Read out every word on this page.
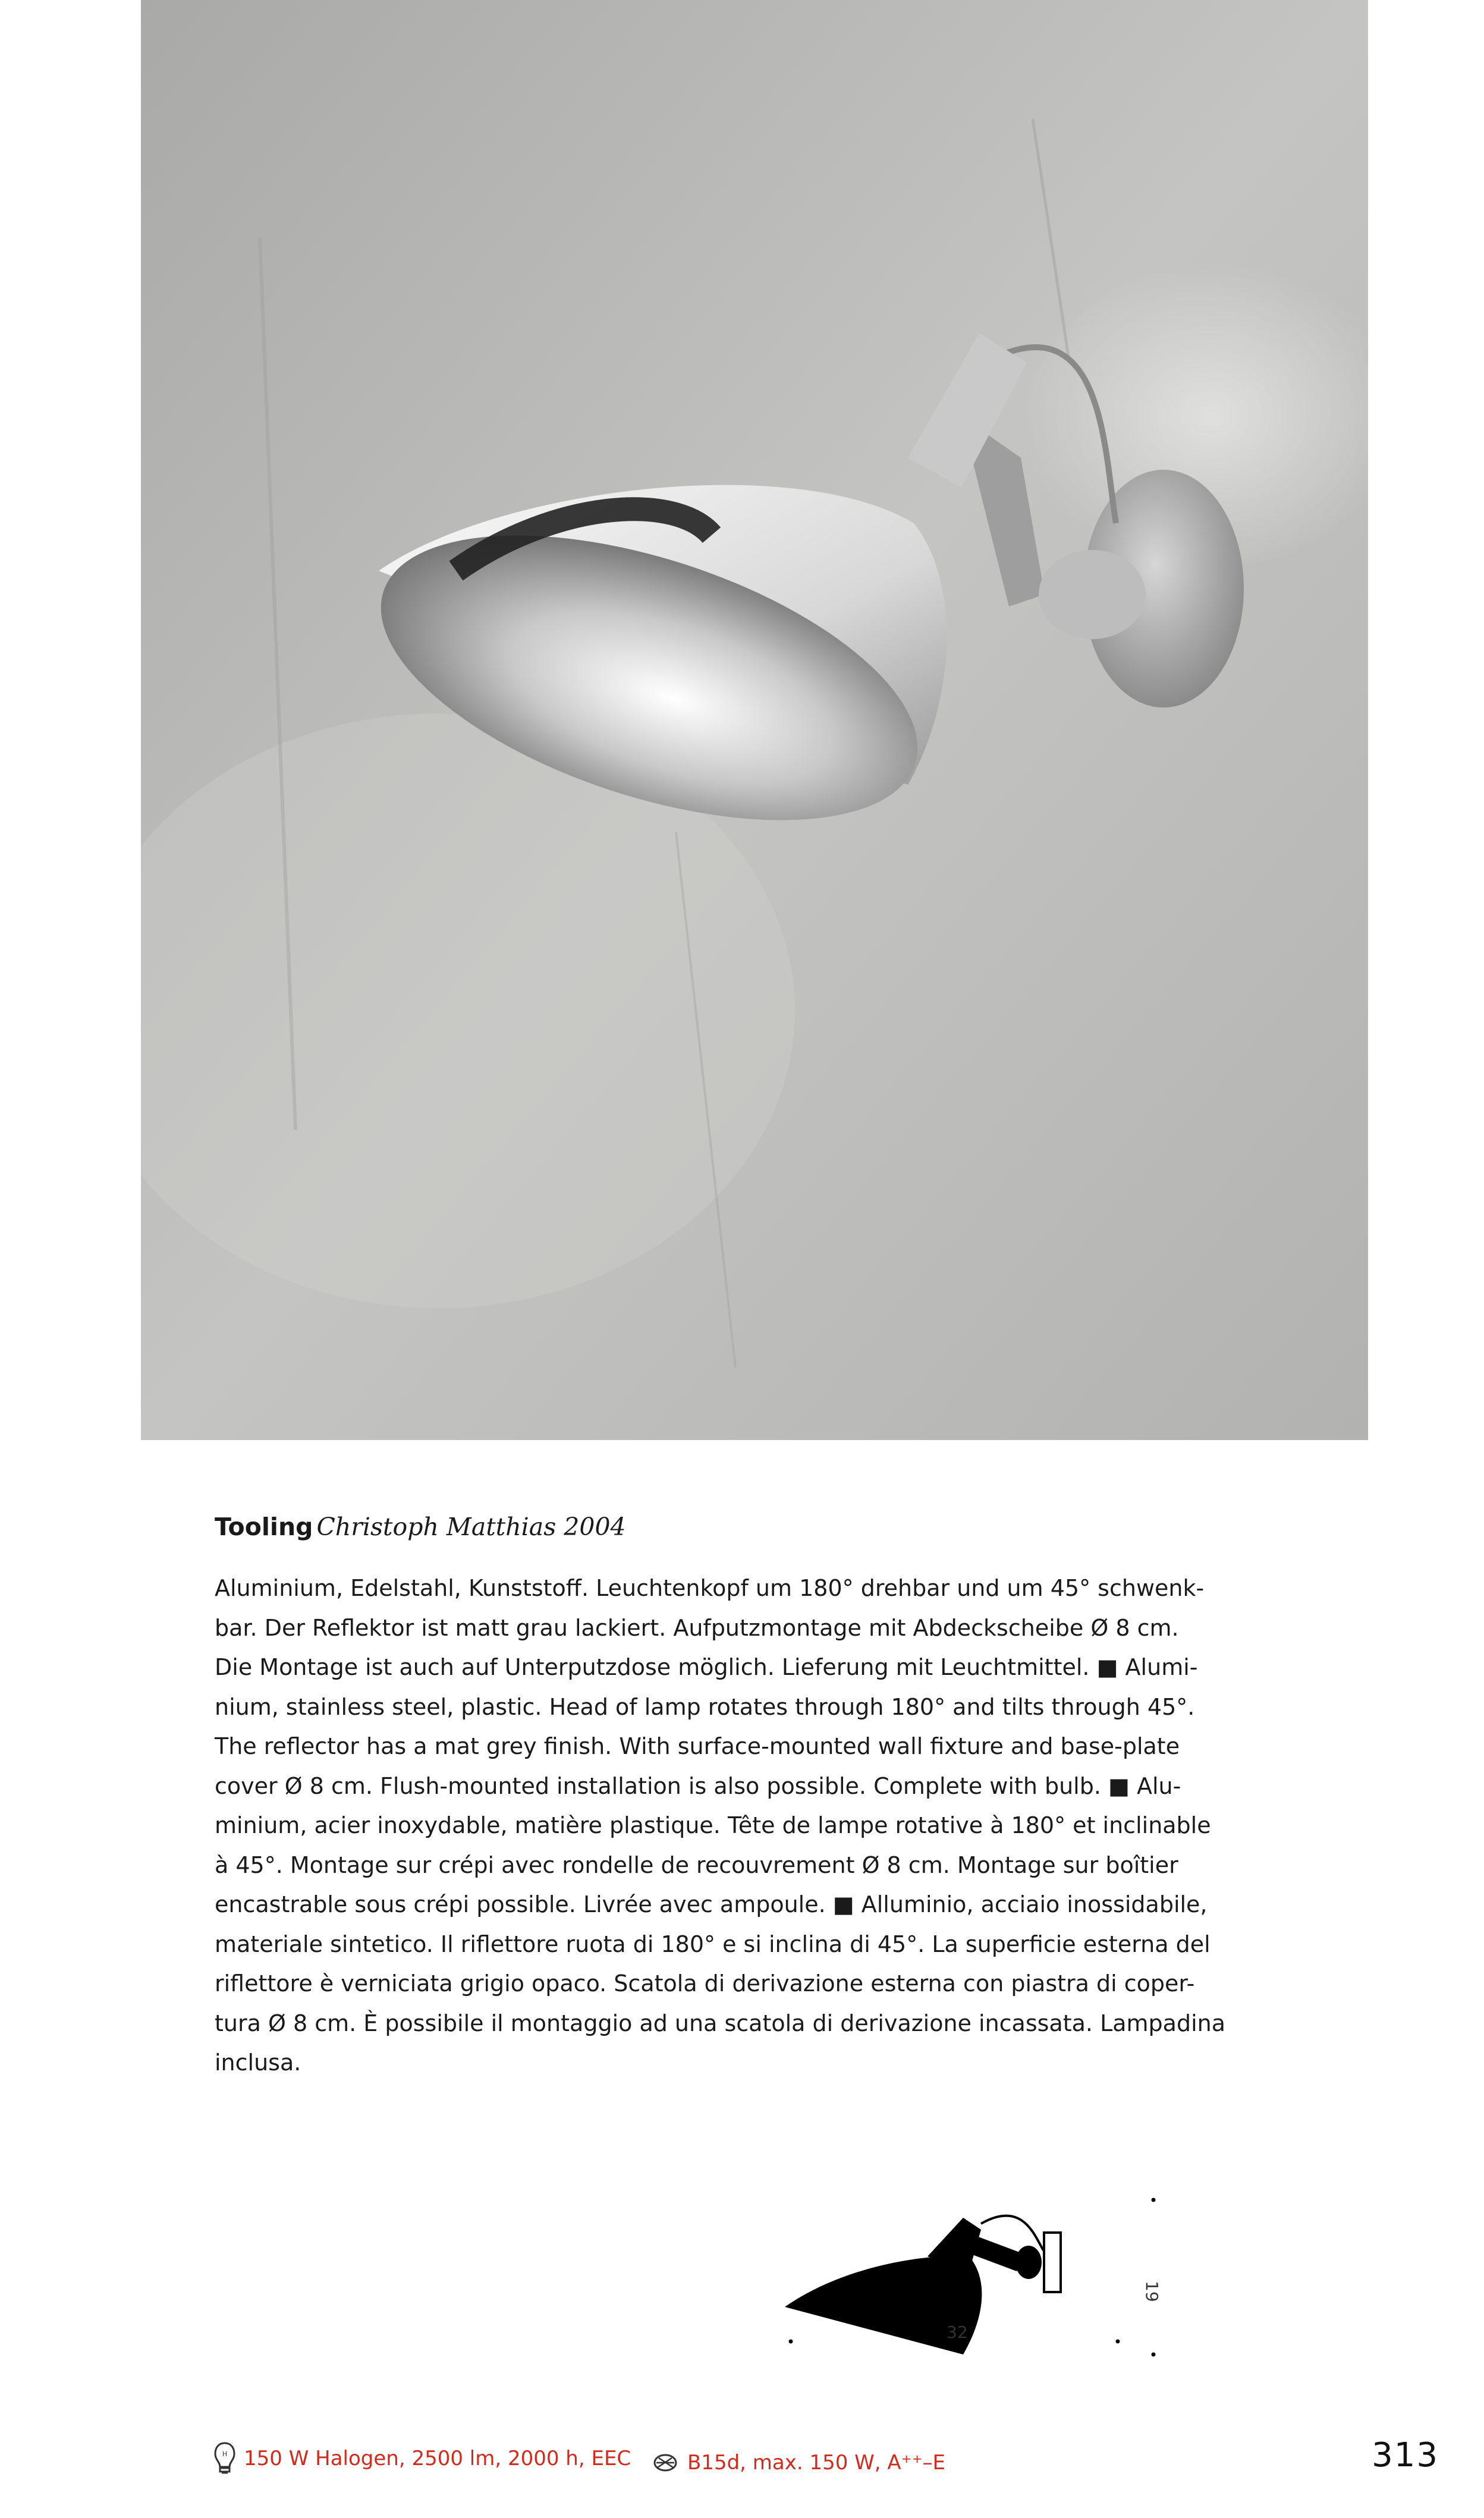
Tooling Christoph Matthias 2004
Aluminium, Edelstahl, Kunststoff. Leuchtenkopf um 180° drehbar und um 45° schwenk-
bar. Der Reflektor ist matt grau lackiert. Aufputzmontage mit Abdeckscheibe Ø 8 cm.
Die Montage ist auch auf Unterputzdose möglich. Lieferung mit Leuchtmittel. ■ Alumi-
nium, stainless steel, plastic. Head of lamp rotates through 180° and tilts through 45°.
The reflector has a mat grey finish. With surface-mounted wall fixture and base-plate
cover Ø 8 cm. Flush-mounted installation is also possible. Complete with bulb. ■ Alu-
minium, acier inoxydable, matière plastique. Tête de lampe rotative à 180° et inclinable
à 45°. Montage sur crépi avec rondelle de recouvrement Ø 8 cm. Montage sur boîtier
encastrable sous crépi possible. Livrée avec ampoule. ■ Alluminio, acciaio inossidabile,
materiale sintetico. Il riflettore ruota di 180° e si inclina di 45°. La superficie esterna del
riflettore è verniciata grigio opaco. Scatola di derivazione esterna con piastra di coper-
tura Ø 8 cm. È possibile il montaggio ad una scatola di derivazione incassata. Lampadina
inclusa.
32
19
H 150 W Halogen, 2500 lm, 2000 h, EEC
	B15d, max. 150 W, A⁺⁺–E	313
